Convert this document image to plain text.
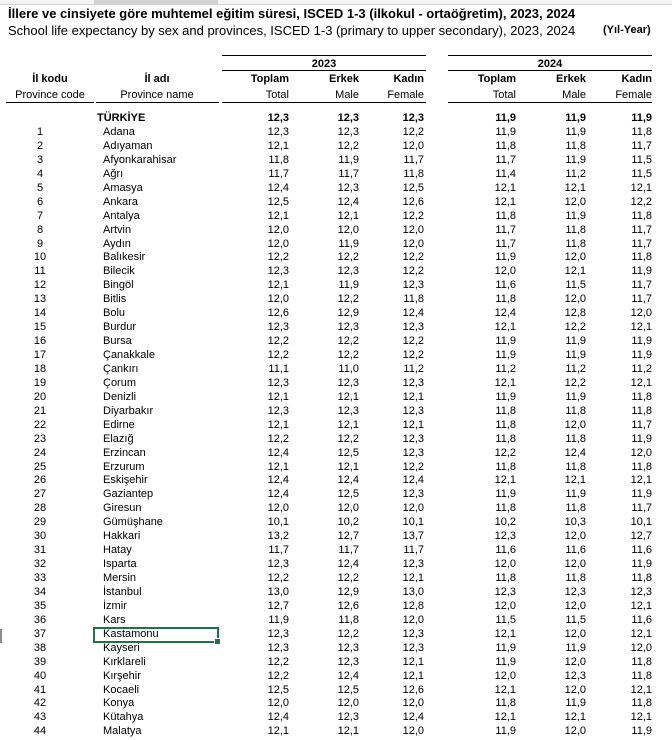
İllere ve cinsiyete göre muhtemel eğitim süresi, ISCED 1-3 (ilkokul - ortaöğretim), 2023, 2024
School life expectancy by sex and provinces, ISCED 1-3 (primary to upper secondary), 2023, 2024	(Yıl-Year)
2023	2024
İl kodu	İl adı	Toplam	Erkek	Kadın	Toplam	Erkek	Kadın
Province code	Province name	Total	Male	Female	Total	Male	Female
TÜRKİYE	12,3	12,3	12,3	11,9	11,9	11,9
1	Adana	12,3	12,3	12,2	11,9	11,9	11,8
2	Adıyaman	12,1	12,2	12,0	11,8	11,8	11,7
3	Afyonkarahisar	11,8	11,9	11,7	11,7	11,9	11,5
4	Ağrı	11,7	11,7	11,8	11,4	11,2	11,5
5	Amasya	12,4	12,3	12,5	12,1	12,1	12,1
6	Ankara	12,5	12,4	12,6	12,1	12,0	12,2
7	Antalya	12,1	12,1	12,2	11,8	11,9	11,8
8	Artvin	12,0	12,0	12,0	11,7	11,8	11,7
9	Aydın	12,0	11,9	12,0	11,7	11,8	11,7
10	Balıkesir	12,2	12,2	12,2	11,9	12,0	11,8
11	Bilecik	12,3	12,3	12,2	12,0	12,1	11,9
12	Bingöl	12,1	11,9	12,3	11,6	11,5	11,7
13	Bitlis	12,0	12,2	11,8	11,8	12,0	11,7
14	Bolu	12,6	12,9	12,4	12,4	12,8	12,0
15	Burdur	12,3	12,3	12,3	12,1	12,2	12,1
16	Bursa	12,2	12,2	12,2	11,9	11,9	11,9
17	Çanakkale	12,2	12,2	12,2	11,9	11,9	11,9
18	Çankırı	11,1	11,0	11,2	11,2	11,2	11,2
19	Çorum	12,3	12,3	12,3	12,1	12,2	12,1
20	Denizli	12,1	12,1	12,1	11,9	11,9	11,8
21	Diyarbakır	12,3	12,3	12,3	11,8	11,8	11,8
22	Edirne	12,1	12,1	12,1	11,8	12,0	11,7
23	Elazığ	12,2	12,2	12,3	11,8	11,8	11,9
24	Erzincan	12,4	12,5	12,3	12,2	12,4	12,0
25	Erzurum	12,1	12,1	12,2	11,8	11,8	11,8
26	Eskişehir	12,4	12,4	12,4	12,1	12,1	12,1
27	Gaziantep	12,4	12,5	12,3	11,9	11,9	11,9
28	Giresun	12,0	12,0	12,0	11,8	11,8	11,7
29	Gümüşhane	10,1	10,2	10,1	10,2	10,3	10,1
30	Hakkari	13,2	12,7	13,7	12,3	12,0	12,7
31	Hatay	11,7	11,7	11,7	11,6	11,6	11,6
32	Isparta	12,3	12,4	12,3	12,0	12,0	11,9
33	Mersin	12,2	12,2	12,1	11,8	11,8	11,8
34	İstanbul	13,0	12,9	13,0	12,3	12,3	12,3
35	İzmir	12,7	12,6	12,8	12,0	12,0	12,1
36	Kars	11,9	11,8	12,0	11,5	11,5	11,6
37	Kastamonu	12,3	12,2	12,3	12,1	12,0	12,1
38	Kayseri	12,3	12,3	12,3	11,9	11,9	12,0
39	Kırklareli	12,2	12,3	12,1	11,9	12,0	11,8
40	Kırşehir	12,2	12,4	12,1	12,0	12,3	11,8
41	Kocaeli	12,5	12,5	12,6	12,1	12,0	12,1
42	Konya	12,0	12,0	12,0	11,8	11,9	11,8
43	Kütahya	12,4	12,3	12,4	12,1	12,1	12,1
44	Malatya	12,1	12,1	12,0	11,9	12,0	11,9
